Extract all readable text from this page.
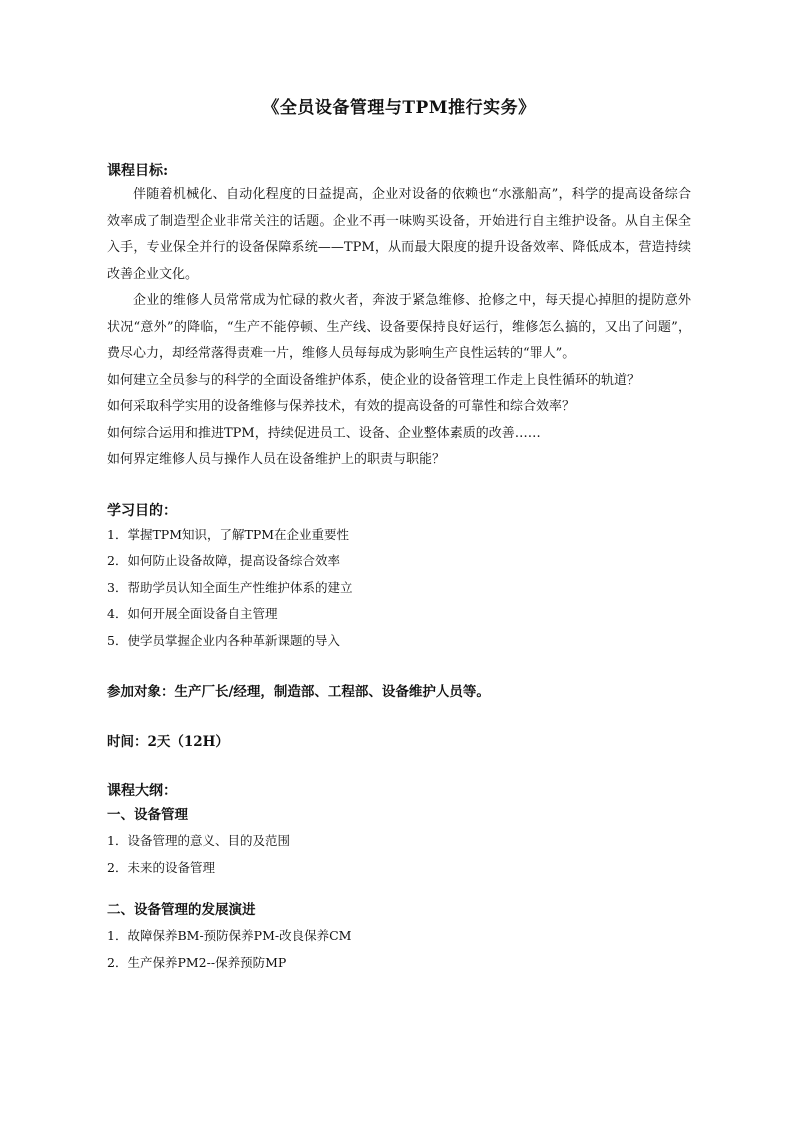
《全员设备管理与TPM推行实务》

课程目标:

伴随着机械化、自动化程度的日益提高，企业对设备的依赖也“水涨船高”，科学的提高设备综合效率成了制造型企业非常关注的话题。企业不再一味购买设备，开始进行自主维护设备。从自主保全入手，专业保全并行的设备保障系统——TPM，从而最大限度的提升设备效率、降低成本，营造持续改善企业文化。

企业的维修人员常常成为忙碌的救火者，奔波于紧急维修、抢修之中，每天提心掉胆的提防意外状况“意外”的降临，“生产不能停顿、生产线、设备要保持良好运行，维修怎么搞的，又出了问题”，费尽心力，却经常落得责难一片，维修人员每每成为影响生产良性运转的“罪人”。

如何建立全员参与的科学的全面设备维护体系，使企业的设备管理工作走上良性循环的轨道？

如何采取科学实用的设备维修与保养技术，有效的提高设备的可靠性和综合效率？

如何综合运用和推进TPM，持续促进员工、设备、企业整体素质的改善……

如何界定维修人员与操作人员在设备维护上的职责与职能？

学习目的：

1．掌握TPM知识，了解TPM在企业重要性

2．如何防止设备故障，提高设备综合效率

3．帮助学员认知全面生产性维护体系的建立

4．如何开展全面设备自主管理

5．使学员掌握企业内各种革新课题的导入

参加对象：生产厂长/经理，制造部、工程部、设备维护人员等。

时间：2天（12H）

课程大纲：

一、设备管理

1．设备管理的意义、目的及范围

2．未来的设备管理

二、设备管理的发展演进

1．故障保养BM-预防保养PM-改良保养CM

2．生产保养PM2--保养预防MP
